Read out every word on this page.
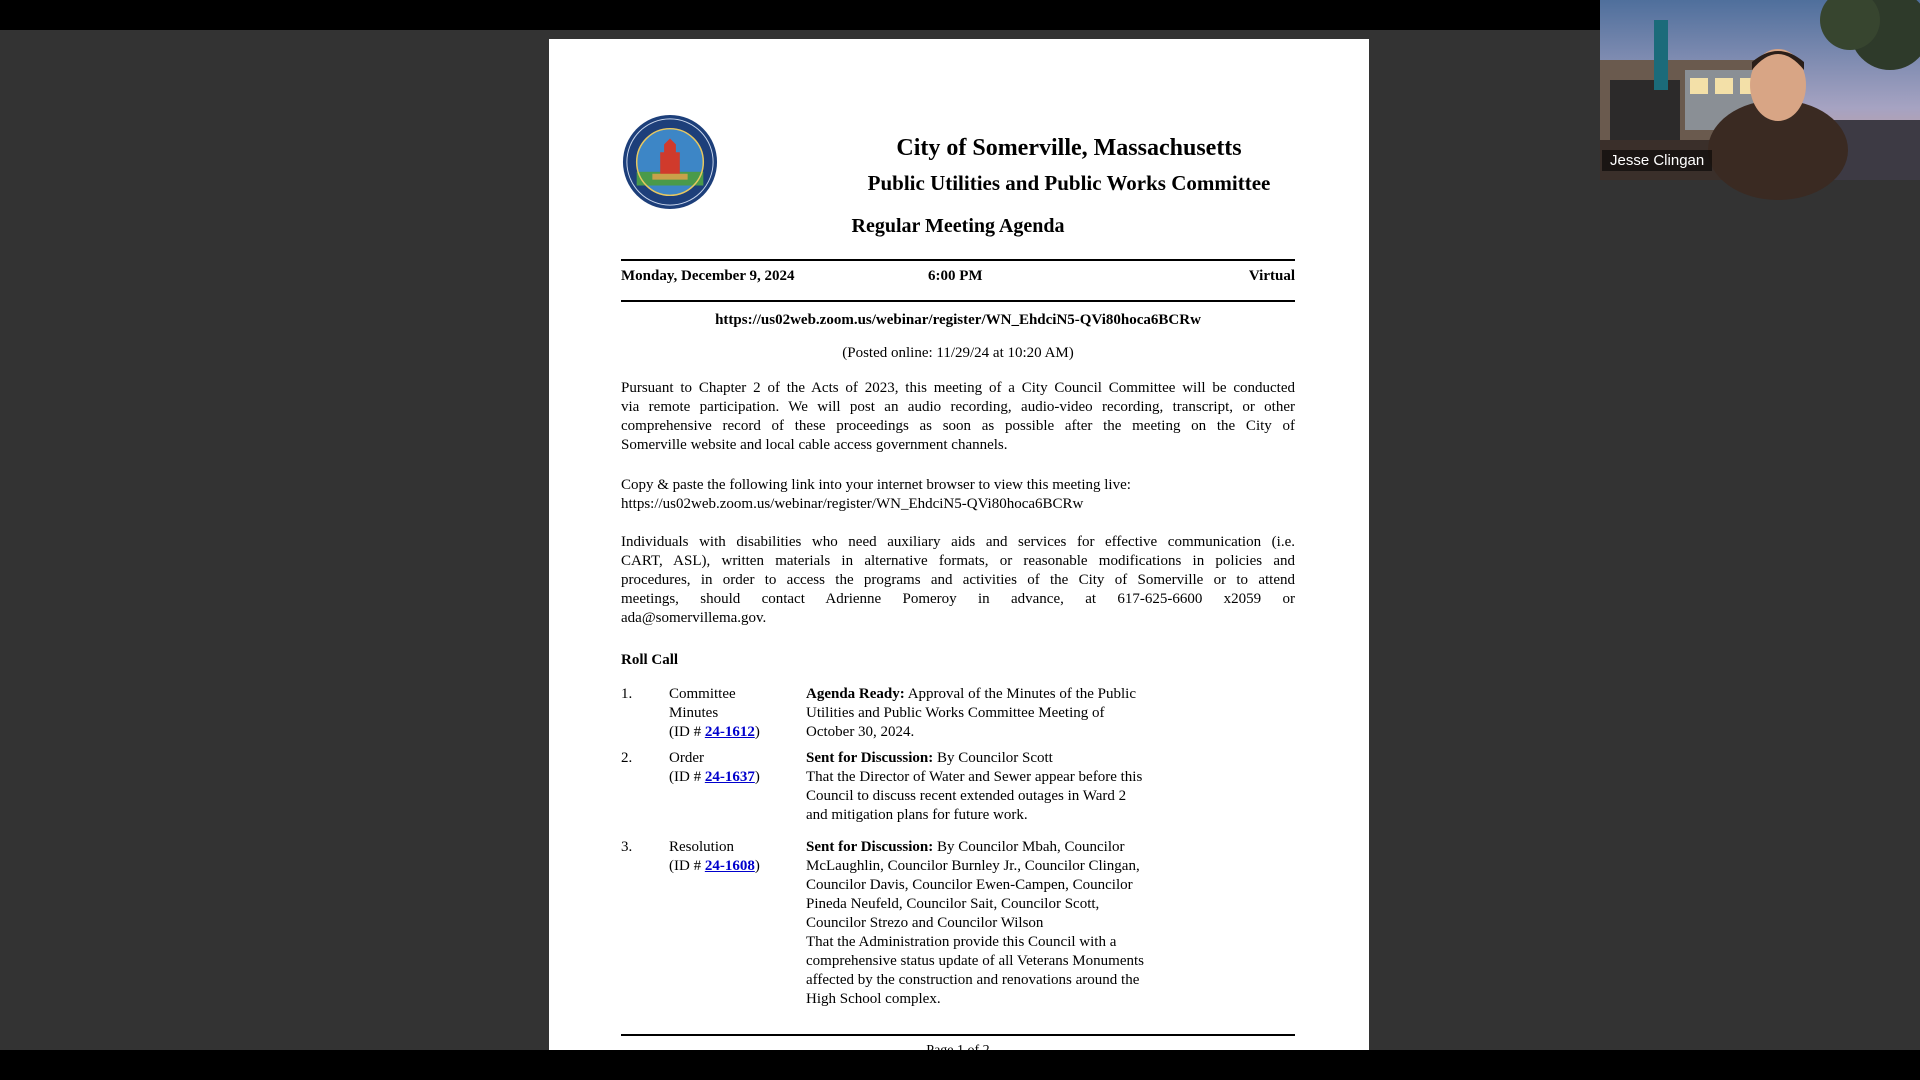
City of Somerville, Massachusetts
Public Utilities and Public Works Committee
Regular Meeting Agenda
Monday, December 9, 2024	6:00 PM	Virtual
https://us02web.zoom.us/webinar/register/WN_EhdciN5-QVi80hoca6BCRw
(Posted online: 11/29/24 at 10:20 AM)
Pursuant to Chapter 2 of the Acts of 2023, this meeting of a City Council Committee will be conducted
via remote participation. We will post an audio recording, audio-video recording, transcript, or other
comprehensive record of these proceedings as soon as possible after the meeting on the City of
Somerville website and local cable access government channels.
Copy & paste the following link into your internet browser to view this meeting live:
https://us02web.zoom.us/webinar/register/WN_EhdciN5-QVi80hoca6BCRw
Individuals with disabilities who need auxiliary aids and services for effective communication (i.e.
CART, ASL), written materials in alternative formats, or reasonable modifications in policies and
procedures, in order to access the programs and activities of the City of Somerville or to attend
meetings, should contact Adrienne Pomeroy in advance, at 617-625-6600 x2059 or
ada@somervillema.gov.
Roll Call
1. Committee
Minutes
(ID # 24-1612)
Agenda Ready: Approval of the Minutes of the Public
Utilities and Public Works Committee Meeting of
October 30, 2024.
2. Order
(ID # 24-1637)
Sent for Discussion: By Councilor Scott
That the Director of Water and Sewer appear before this
Council to discuss recent extended outages in Ward 2
and mitigation plans for future work.
3. Resolution
(ID # 24-1608)
Sent for Discussion: By Councilor Mbah, Councilor
McLaughlin, Councilor Burnley Jr., Councilor Clingan,
Councilor Davis, Councilor Ewen-Campen, Councilor
Pineda Neufeld, Councilor Sait, Councilor Scott,
Councilor Strezo and Councilor Wilson
That the Administration provide this Council with a
comprehensive status update of all Veterans Monuments
affected by the construction and renovations around the
High School complex.
Jesse Clingan
